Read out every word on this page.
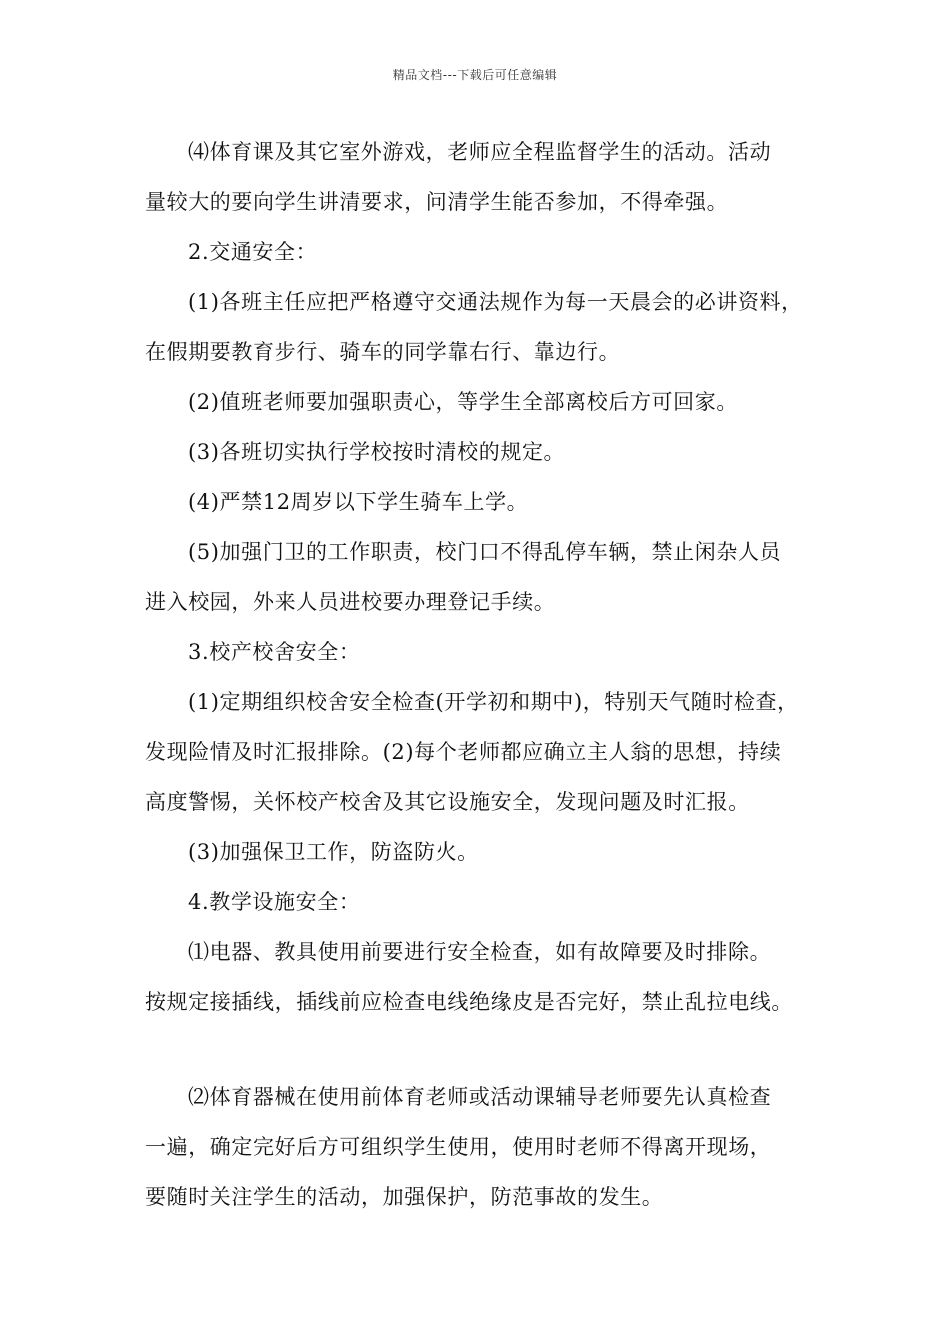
精品文档---下载后可任意编辑
⑷体育课及其它室外游戏，老师应全程监督学生的活动。活动
量较大的要向学生讲清要求，问清学生能否参加，不得牵强。
2.交通安全：
(1)各班主任应把严格遵守交通法规作为每一天晨会的必讲资料，
在假期要教育步行、骑车的同学靠右行、靠边行。
(2)值班老师要加强职责心，等学生全部离校后方可回家。
(3)各班切实执行学校按时清校的规定。
(4)严禁12周岁以下学生骑车上学。
(5)加强门卫的工作职责，校门口不得乱停车辆，禁止闲杂人员
进入校园，外来人员进校要办理登记手续。
3.校产校舍安全：
(1)定期组织校舍安全检查(开学初和期中)，特别天气随时检查，
发现险情及时汇报排除。(2)每个老师都应确立主人翁的思想，持续
高度警惕，关怀校产校舍及其它设施安全，发现问题及时汇报。
(3)加强保卫工作，防盗防火。
4.教学设施安全：
⑴电器、教具使用前要进行安全检查，如有故障要及时排除。
按规定接插线，插线前应检查电线绝缘皮是否完好，禁止乱拉电线。
⑵体育器械在使用前体育老师或活动课辅导老师要先认真检查
一遍，确定完好后方可组织学生使用，使用时老师不得离开现场，
要随时关注学生的活动，加强保护，防范事故的发生。
